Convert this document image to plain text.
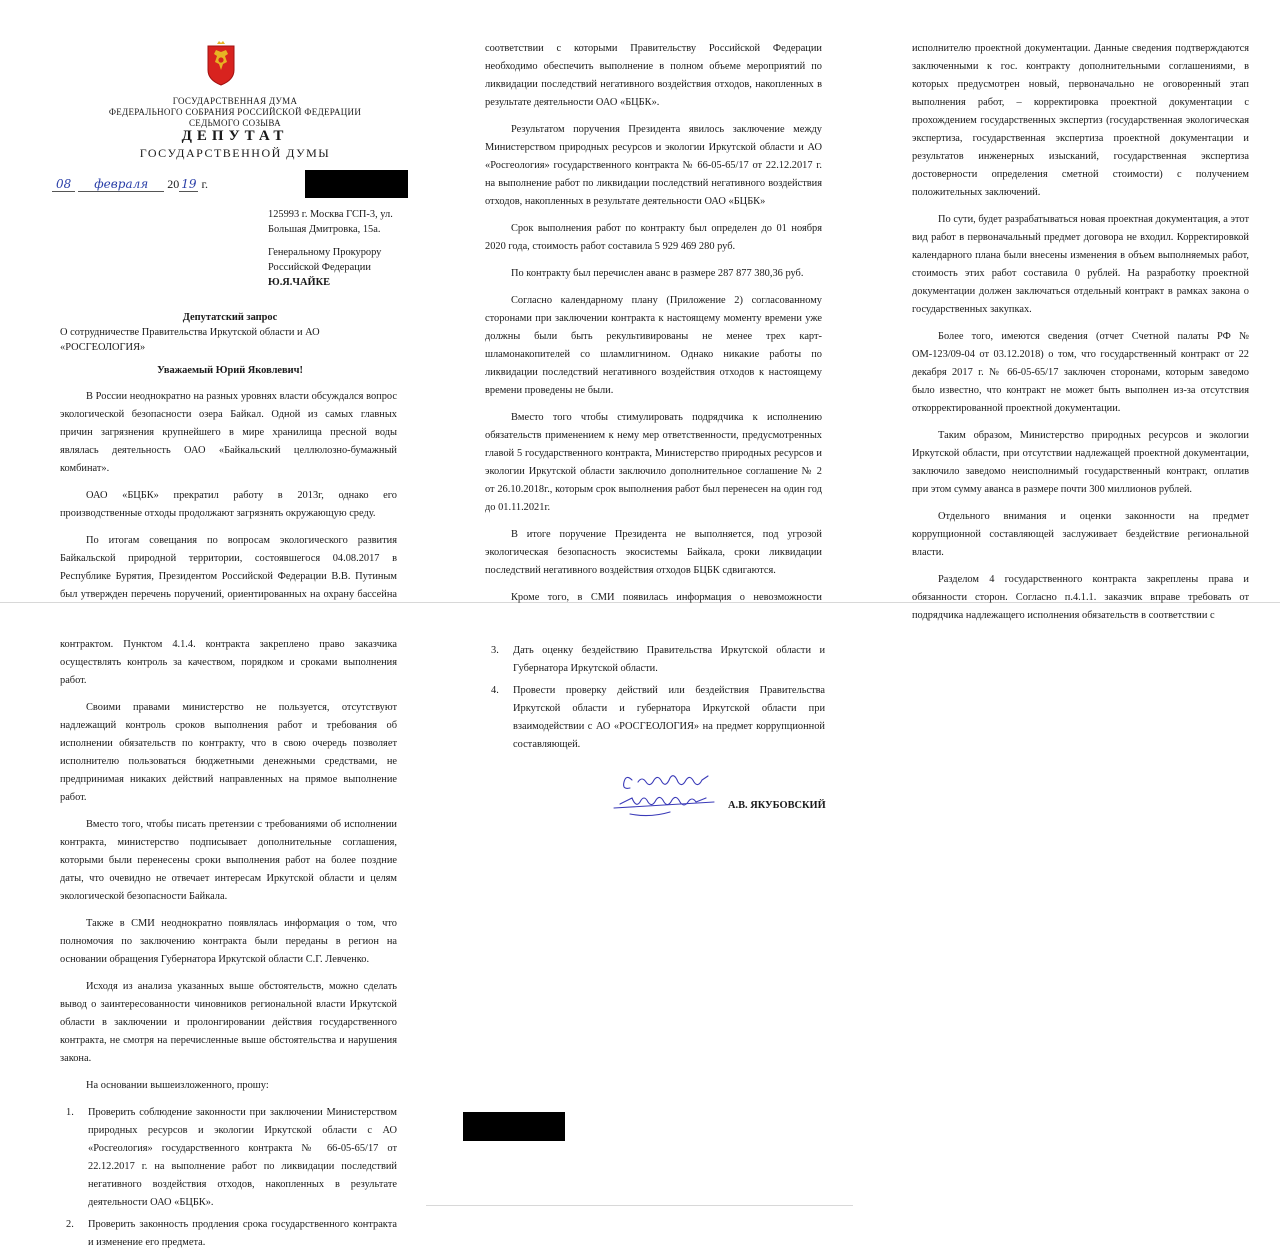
ГОСУДАРСТВЕННАЯ ДУМА
ФЕДЕРАЛЬНОГО СОБРАНИЯ РОССИЙСКОЙ ФЕДЕРАЦИИ
СЕДЬМОГО СОЗЫВА
ДЕПУТАТ
ГОСУДАРСТВЕННОЙ ДУМЫ
08 февраля 20 19 г.
125993 г. Москва ГСП-3, ул.
Большая Дмитровка, 15а.
Генеральному Прокурору
Российской Федерации
Ю.Я.ЧАЙКЕ
Депутатский запрос
О сотрудничестве Правительства Иркутской области и АО
«РОСГЕОЛОГИЯ»
Уважаемый Юрий Яковлевич!

В России неоднократно на разных уровнях власти обсуждался вопрос экологической безопасности озера Байкал. Одной из самых главных причин загрязнения крупнейшего в мире хранилища пресной воды являлась деятельность ОАО «Байкальский целлюлозно-бумажный комбинат».

ОАО «БЦБК» прекратил работу в 2013г, однако его производственные отходы продолжают загрязнять окружающую среду.

По итогам совещания по вопросам экологического развития Байкальской природной территории, состоявшегося 04.08.2017 в Республике Бурятия, Президентом Российской Федерации В.В. Путиным был утвержден перечень поручений, ориентированных на охрану бассейна

соответствии с которыми Правительству Российской Федерации необходимо обеспечить выполнение в полном объеме мероприятий по ликвидации последствий негативного воздействия отходов, накопленных в результате деятельности ОАО «БЦБК».

Результатом поручения Президента явилось заключение между Министерством природных ресурсов и экологии Иркутской области и АО «Росгеология» государственного контракта № 66-05-65/17 от 22.12.2017 г. на выполнение работ по ликвидации последствий негативного воздействия отходов, накопленных в результате деятельности ОАО «БЦБК»

Срок выполнения работ по контракту был определен до 01 ноября 2020 года, стоимость работ составила 5 929 469 280 руб.

По контракту был перечислен аванс в размере 287 877 380,36 руб.

Согласно календарному плану (Приложение 2) согласованному сторонами при заключении контракта к настоящему моменту времени уже должны были быть рекультивированы не менее трех карт-шламонакопителей со шламлигнином. Однако никакие работы по ликвидации последствий негативного воздействия отходов к настоящему времени проведены не были.

Вместо того чтобы стимулировать подрядчика к исполнению обязательств применением к нему мер ответственности, предусмотренных главой 5 государственного контракта, Министерство природных ресурсов и экологии Иркутской области заключило дополнительное соглашение № 2 от 26.10.2018г., которым срок выполнения работ был перенесен на один год до 01.11.2021г.

В итоге поручение Президента не выполняется, под угрозой экологическая безопасность экосистемы Байкала, сроки ликвидации последствий негативного воздействия отходов БЦБК сдвигаются.

Кроме того, в СМИ появилась информация о невозможности

исполнителю проектной документации. Данные сведения подтверждаются заключенными к гос. контракту дополнительными соглашениями, в которых предусмотрен новый, первоначально не оговоренный этап выполнения работ, – корректировка проектной документации с прохождением государственных экспертиз (государственная экологическая экспертиза, государственная экспертиза проектной документации и результатов инженерных изысканий, государственная экспертиза достоверности определения сметной стоимости) с получением положительных заключений.

По сути, будет разрабатываться новая проектная документация, а этот вид работ в первоначальный предмет договора не входил. Корректировкой календарного плана были внесены изменения в объем выполняемых работ, стоимость этих работ составила 0 рублей. На разработку проектной документации должен заключаться отдельный контракт в рамках закона о государственных закупках.

Более того, имеются сведения (отчет Счетной палаты РФ № ОМ-123/09-04 от 03.12.2018) о том, что государственный контракт от 22 декабря 2017 г. № 66-05-65/17 заключен сторонами, которым заведомо было известно, что контракт не может быть выполнен из-за отсутствия откорректированной проектной документации.

Таким образом, Министерство природных ресурсов и экологии Иркутской области, при отсутствии надлежащей проектной документации, заключило заведомо неисполнимый государственный контракт, оплатив при этом сумму аванса в размере почти 300 миллионов рублей.

Отдельного внимания и оценки законности на предмет коррупционной составляющей заслуживает бездействие региональной власти.

Разделом 4 государственного контракта закреплены права и обязанности сторон. Согласно п.4.1.1. заказчик вправе требовать от подрядчика надлежащего исполнения обязательств в соответствии с

контрактом. Пунктом 4.1.4. контракта закреплено право заказчика осуществлять контроль за качеством, порядком и сроками выполнения работ.

Своими правами министерство не пользуется, отсутствуют надлежащий контроль сроков выполнения работ и требования об исполнении обязательств по контракту, что в свою очередь позволяет исполнителю пользоваться бюджетными денежными средствами, не предпринимая никаких действий направленных на прямое выполнение работ.

Вместо того, чтобы писать претензии с требованиями об исполнении контракта, министерство подписывает дополнительные соглашения, которыми были перенесены сроки выполнения работ на более поздние даты, что очевидно не отвечает интересам Иркутской области и целям экологической безопасности Байкала.

Также в СМИ неоднократно появлялась информация о том, что полномочия по заключению контракта были переданы в регион на основании обращения Губернатора Иркутской области С.Г. Левченко.

Исходя из анализа указанных выше обстоятельств, можно сделать вывод о заинтересованности чиновников региональной власти Иркутской области в заключении и пролонгировании действия государственного контракта, не смотря на перечисленные выше обстоятельства и нарушения закона.

На основании вышеизложенного, прошу:

1. Проверить соблюдение законности при заключении Министерством природных ресурсов и экологии Иркутской области с АО «Росгеология» государственного контракта № 66-05-65/17 от 22.12.2017 г. на выполнение работ по ликвидации последствий негативного воздействия отходов, накопленных в результате деятельности ОАО «БЦБК».
2. Проверить законность продления срока государственного контракта и изменение его предмета.
3. Дать оценку бездействию Правительства Иркутской области и Губернатора Иркутской области.
4. Провести проверку действий или бездействия Правительства Иркутской области и губернатора Иркутской области при взаимодействии с АО «РОСГЕОЛОГИЯ» на предмет коррупционной составляющей.
А.В. ЯКУБОВСКИЙ
